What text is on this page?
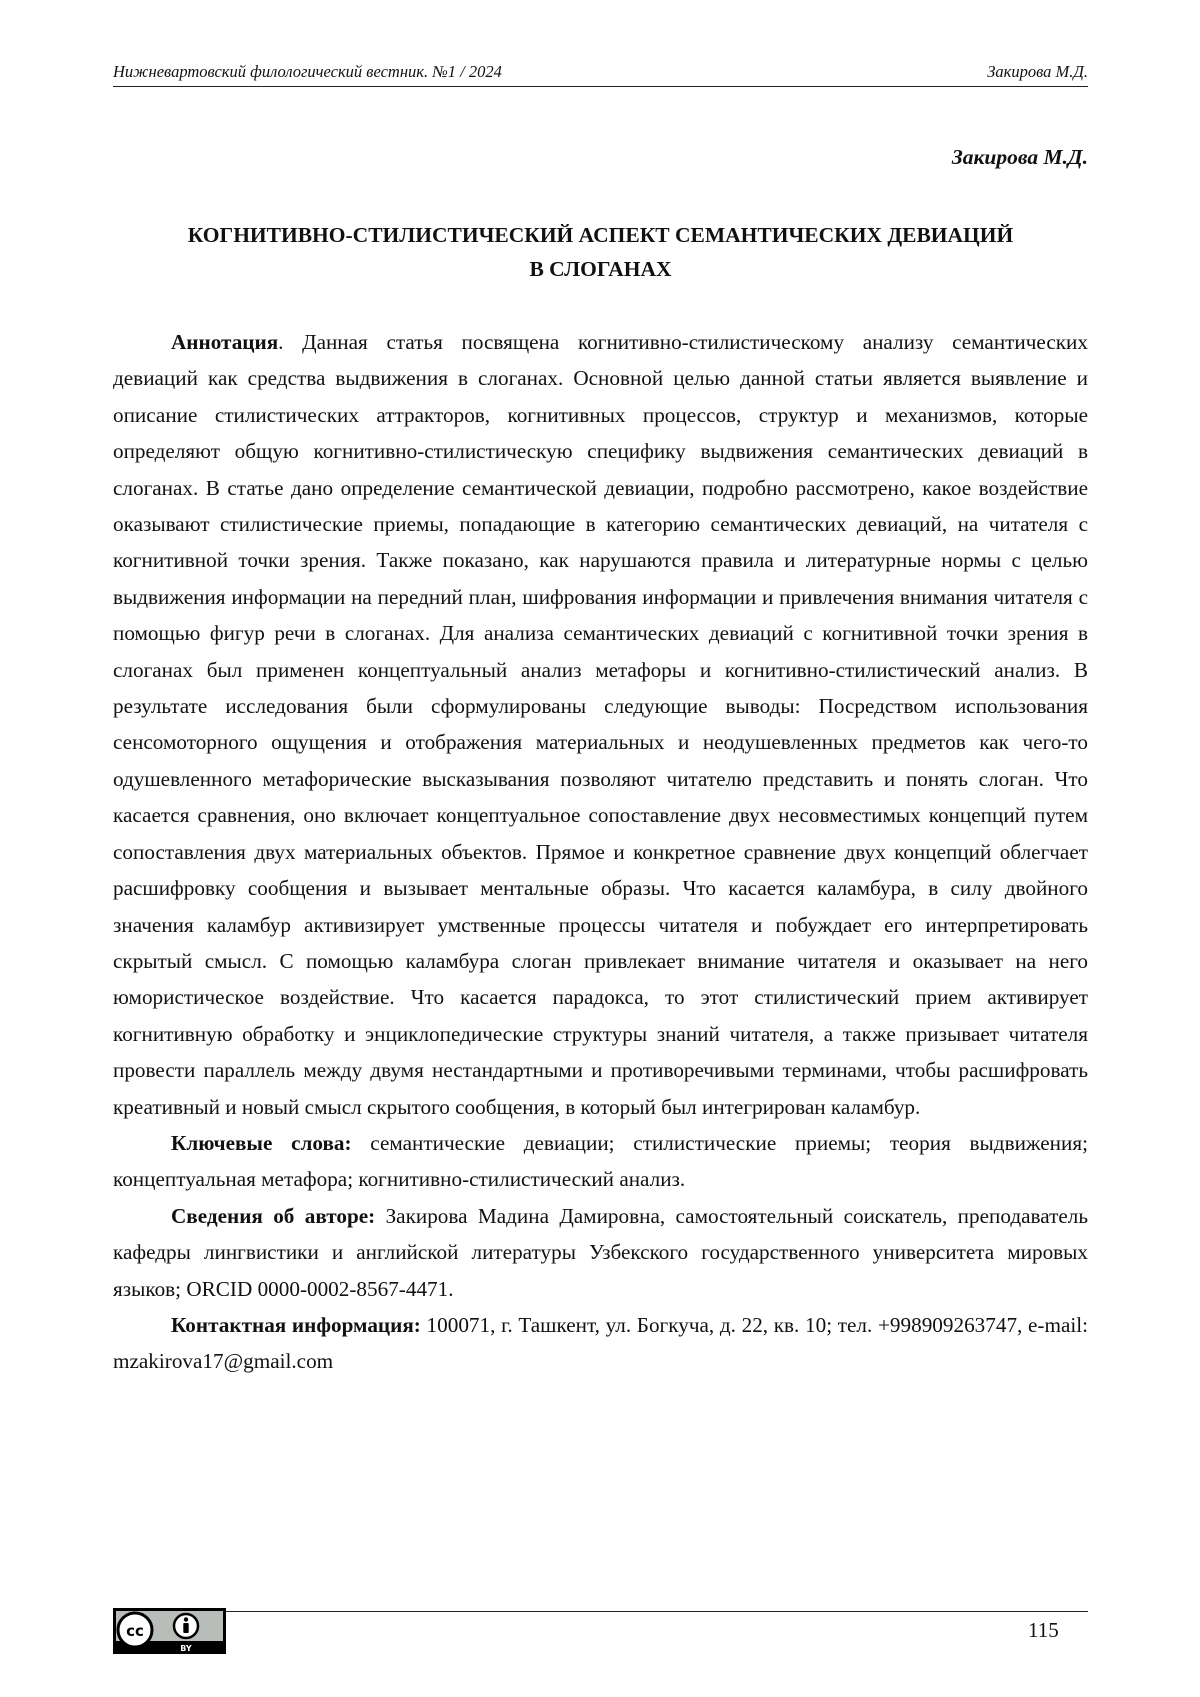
Нижневартовский филологический вестник. №1 / 2024	Закирова М.Д.
Закирова М.Д.
КОГНИТИВНО-СТИЛИСТИЧЕСКИЙ АСПЕКТ СЕМАНТИЧЕСКИХ ДЕВИАЦИЙ
В СЛОГАНАХ

Аннотация. Данная статья посвящена когнитивно-стилистическому анализу семантических девиаций как средства выдвижения в слоганах. Основной целью данной статьи является выявление и описание стилистических аттракторов, когнитивных процессов, структур и механизмов, которые определяют общую когнитивно-стилистическую специфику выдвижения семантических девиаций в слоганах. В статье дано определение семантической девиации, подробно рассмотрено, какое воздействие оказывают стилистические приемы, попадающие в категорию семантических девиаций, на читателя с когнитивной точки зрения. Также показано, как нарушаются правила и литературные нормы с целью выдвижения информации на передний план, шифрования информации и привлечения внимания читателя с помощью фигур речи в слоганах. Для анализа семантических девиаций с когнитивной точки зрения в слоганах был применен концептуальный анализ метафоры и когнитивно-стилистический анализ. В результате исследования были сформулированы следующие выводы: Посредством использования сенсомоторного ощущения и отображения материальных и неодушевленных предметов как чего-то одушевленного метафорические высказывания позволяют читателю представить и понять слоган. Что касается сравнения, оно включает концептуальное сопоставление двух несовместимых концепций путем сопоставления двух материальных объектов. Прямое и конкретное сравнение двух концепций облегчает расшифровку сообщения и вызывает ментальные образы. Что касается каламбура, в силу двойного значения каламбур активизирует умственные процессы читателя и побуждает его интерпретировать скрытый смысл. С помощью каламбура слоган привлекает внимание читателя и оказывает на него юмористическое воздействие. Что касается парадокса, то этот стилистический прием активирует когнитивную обработку и энциклопедические структуры знаний читателя, а также призывает читателя провести параллель между двумя нестандартными и противоречивыми терминами, чтобы расшифровать креативный и новый смысл скрытого сообщения, в который был интегрирован каламбур.

Ключевые слова: семантические девиации; стилистические приемы; теория выдвижения; концептуальная метафора; когнитивно-стилистический анализ.

Сведения об авторе: Закирова Мадина Дамировна, самостоятельный соискатель, преподаватель кафедры лингвистики и английской литературы Узбекского государственного университета мировых языков; ORCID 0000-0002-8567-4471.

Контактная информация: 100071, г. Ташкент, ул. Богкуча, д. 22, кв. 10; тел. +998909263747, e-mail: mzakirova17@gmail.com

cc
BY
115
